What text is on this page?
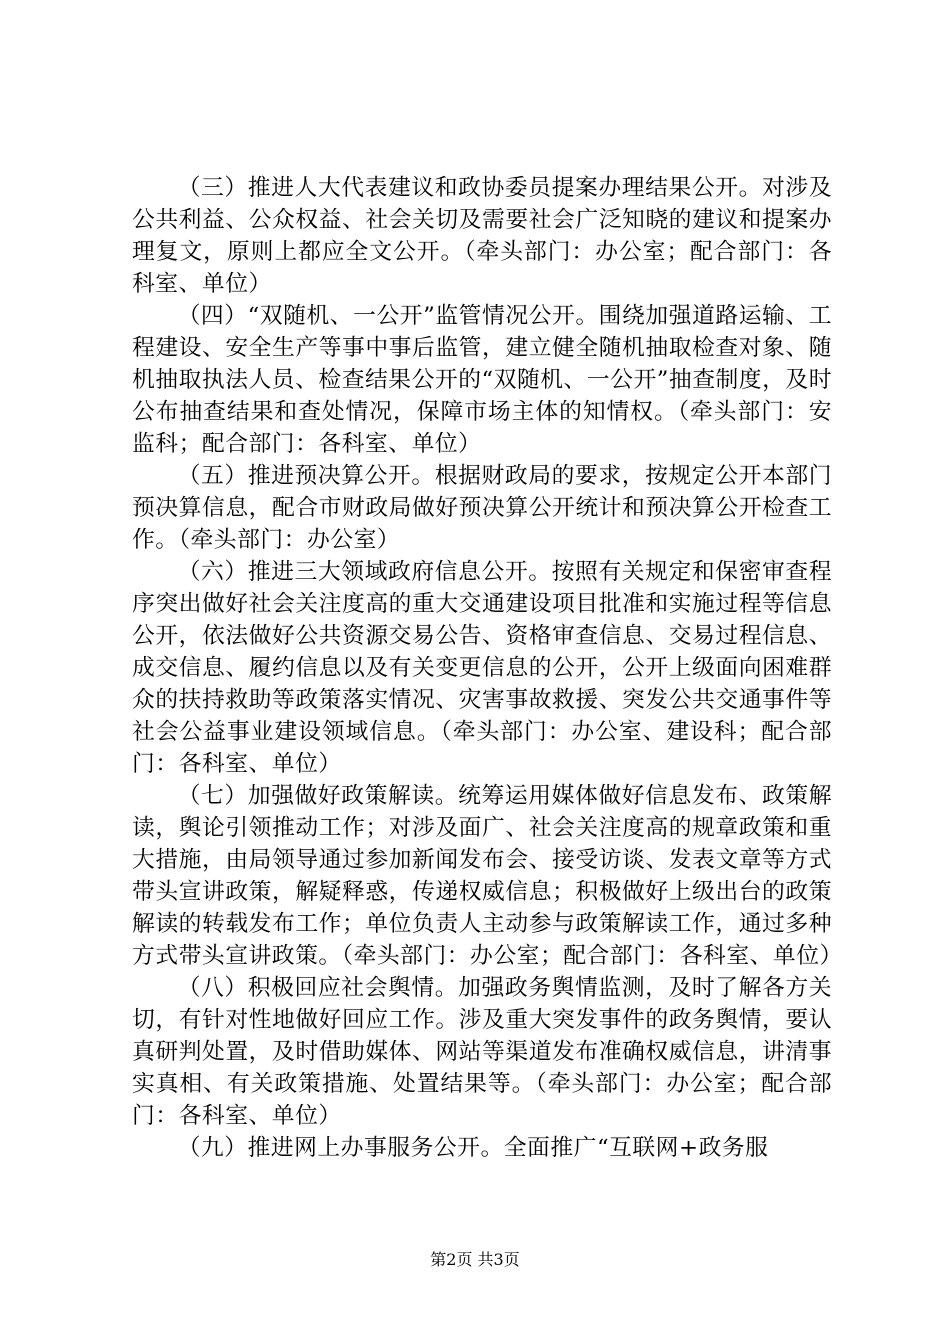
（三）推进人大代表建议和政协委员提案办理结果公开。对涉及公共利益、公众权益、社会关切及需要社会广泛知晓的建议和提案办理复文，原则上都应全文公开。（牵头部门：办公室；配合部门：各科室、单位）

（四）“双随机、一公开”监管情况公开。围绕加强道路运输、工程建设、安全生产等事中事后监管，建立健全随机抽取检查对象、随机抽取执法人员、检查结果公开的“双随机、一公开”抽查制度，及时公布抽查结果和查处情况，保障市场主体的知情权。（牵头部门：安监科；配合部门：各科室、单位）

（五）推进预决算公开。根据财政局的要求，按规定公开本部门预决算信息，配合市财政局做好预决算公开统计和预决算公开检查工作。（牵头部门：办公室）

（六）推进三大领域政府信息公开。按照有关规定和保密审查程序突出做好社会关注度高的重大交通建设项目批准和实施过程等信息公开，依法做好公共资源交易公告、资格审查信息、交易过程信息、成交信息、履约信息以及有关变更信息的公开，公开上级面向困难群众的扶持救助等政策落实情况、灾害事故救援、突发公共交通事件等社会公益事业建设领域信息。（牵头部门：办公室、建设科；配合部门：各科室、单位）

（七）加强做好政策解读。统筹运用媒体做好信息发布、政策解读，舆论引领推动工作；对涉及面广、社会关注度高的规章政策和重大措施，由局领导通过参加新闻发布会、接受访谈、发表文章等方式带头宣讲政策，解疑释惑，传递权威信息；积极做好上级出台的政策解读的转载发布工作；单位负责人主动参与政策解读工作，通过多种方式带头宣讲政策。（牵头部门：办公室；配合部门：各科室、单位）

（八）积极回应社会舆情。加强政务舆情监测，及时了解各方关切，有针对性地做好回应工作。涉及重大突发事件的政务舆情，要认真研判处置，及时借助媒体、网站等渠道发布准确权威信息，讲清事实真相、有关政策措施、处置结果等。（牵头部门：办公室；配合部门：各科室、单位）

（九）推进网上办事服务公开。全面推广“互联网+政务服

第2页 共3页
